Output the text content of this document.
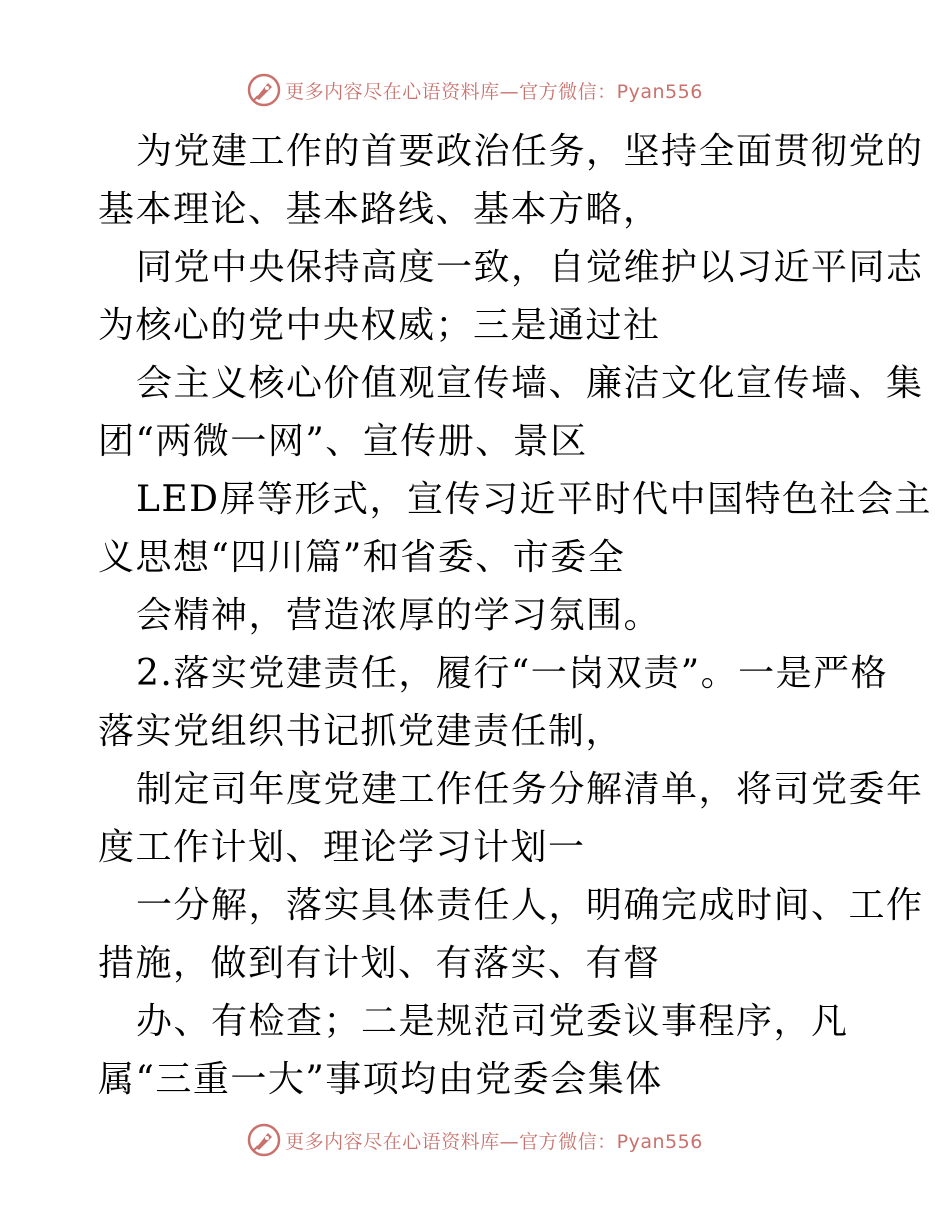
更多内容尽在心语资料库—官方微信：Pyan556
为党建工作的首要政治任务，坚持全面贯彻党的
基本理论、基本路线、基本方略，
同党中央保持高度一致，自觉维护以习近平同志
为核心的党中央权威；三是通过社
会主义核心价值观宣传墙、廉洁文化宣传墙、集
团“两微一网”、宣传册、景区
LED屏等形式，宣传习近平时代中国特色社会主
义思想“四川篇”和省委、市委全
会精神，营造浓厚的学习氛围。
2.落实党建责任，履行“一岗双责”。一是严格
落实党组织书记抓党建责任制，
制定司年度党建工作任务分解清单，将司党委年
度工作计划、理论学习计划一
一分解，落实具体责任人，明确完成时间、工作
措施，做到有计划、有落实、有督
办、有检查；二是规范司党委议事程序，凡
属“三重一大”事项均由党委会集体
更多内容尽在心语资料库—官方微信：Pyan556
